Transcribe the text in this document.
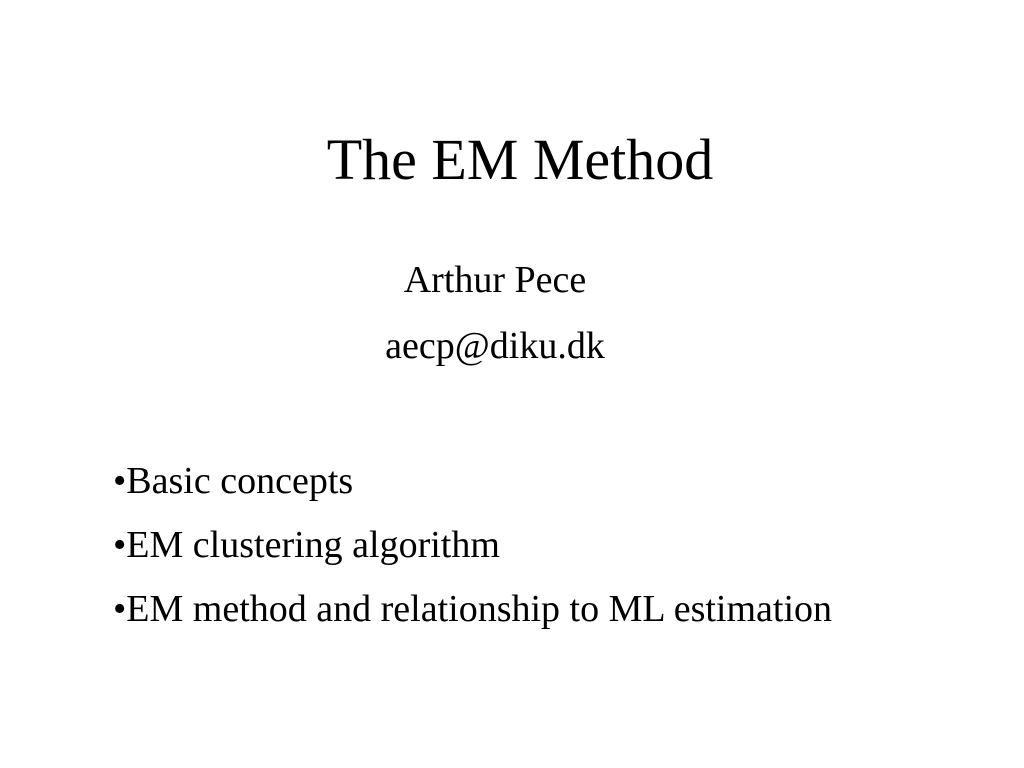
The EM Method
Arthur Pece
aecp@diku.dk
•Basic concepts
•EM clustering algorithm
•EM method and relationship to ML estimation
